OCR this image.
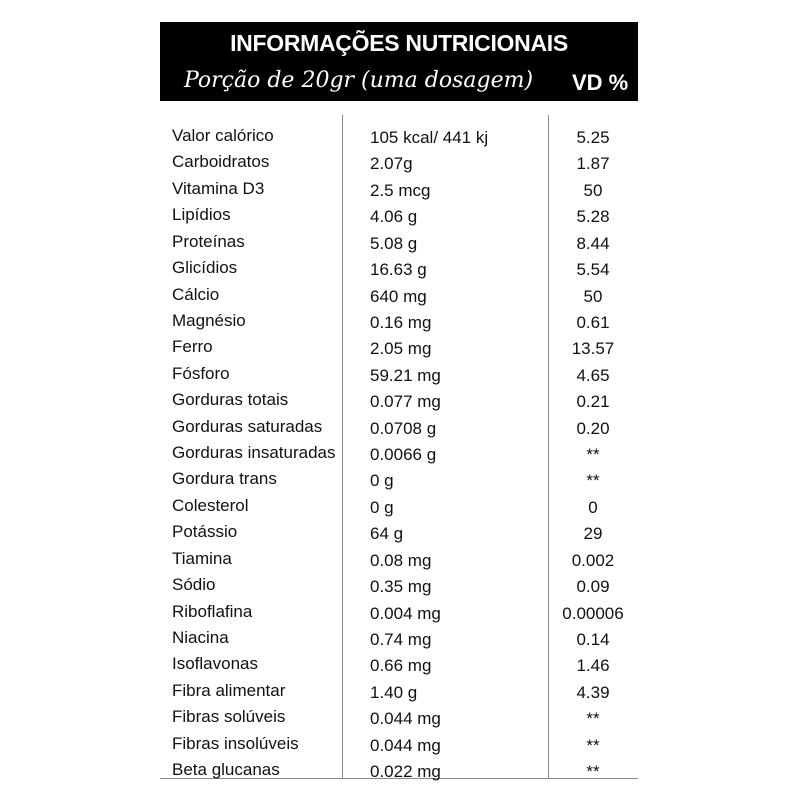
INFORMAÇÕES NUTRICIONAIS
Porção de 20gr (uma dosagem) VD %
Valor calórico	105 kcal/ 441 kj	5.25
Carboidratos	2.07g	1.87
Vitamina D3	2.5 mcg	50
Lipídios	4.06 g	5.28
Proteínas	5.08 g	8.44
Glicídios	16.63 g	5.54
Cálcio	640 mg	50
Magnésio	0.16 mg	0.61
Ferro	2.05 mg	13.57
Fósforo	59.21 mg	4.65
Gorduras totais	0.077 mg	0.21
Gorduras saturadas	0.0708 g	0.20
Gorduras insaturadas 0.0066 g	**
Gordura trans	0 g	**
Colesterol	0 g	0
Potássio	64 g	29
Tiamina	0.08 mg	0.002
Sódio	0.35 mg	0.09
Riboflafina	0.004 mg	0.00006
Niacina	0.74 mg	0.14
Isoflavonas	0.66 mg	1.46
Fibra alimentar	1.40 g	4.39
Fibras solúveis	0.044 mg	**
Fibras insolúveis	0.044 mg	**
Beta glucanas	0.022 mg	**
